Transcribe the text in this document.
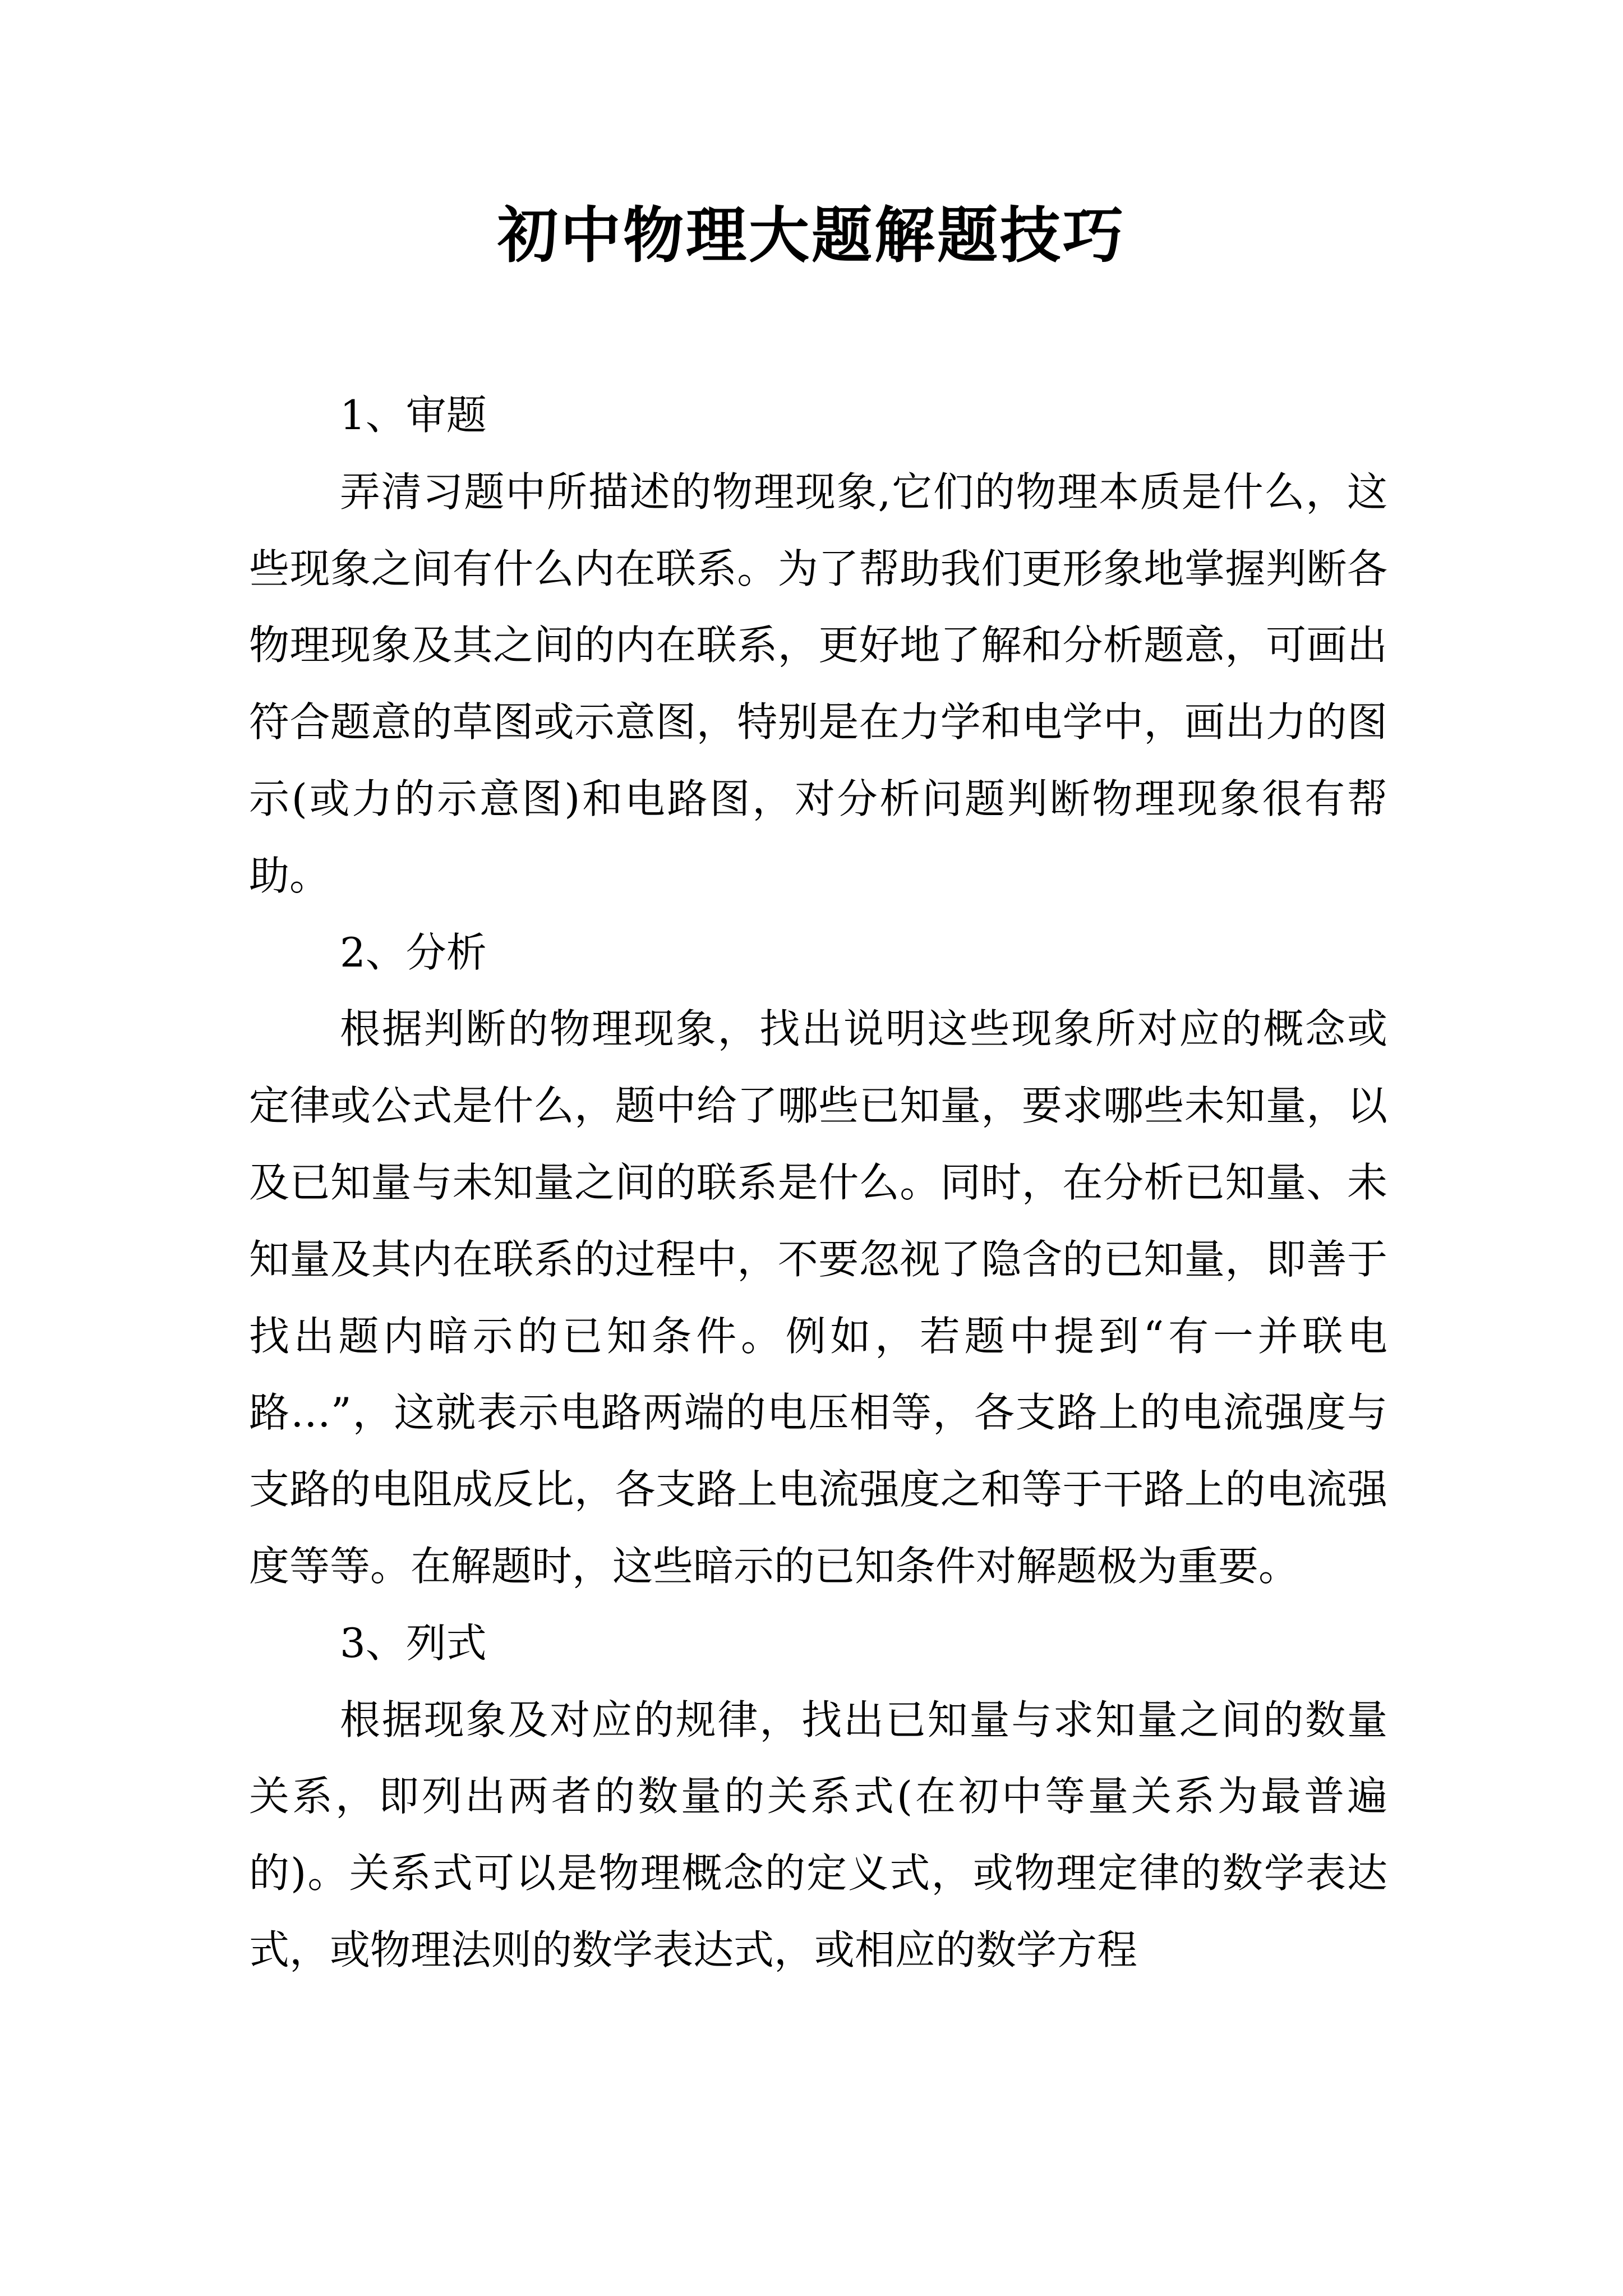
初中物理大题解题技巧

1、审题

弄清习题中所描述的物理现象,它们的物理本质是什么，这些现象之间有什么内在联系。为了帮助我们更形象地掌握判断各物理现象及其之间的内在联系，更好地了解和分析题意，可画出符合题意的草图或示意图，特别是在力学和电学中，画出力的图示(或力的示意图)和电路图，对分析问题判断物理现象很有帮助。

2、分析

根据判断的物理现象，找出说明这些现象所对应的概念或定律或公式是什么，题中给了哪些已知量，要求哪些未知量，以及已知量与未知量之间的联系是什么。同时，在分析已知量、未知量及其内在联系的过程中，不要忽视了隐含的已知量，即善于找出题内暗示的已知条件。例如，若题中提到“有一并联电路…”，这就表示电路两端的电压相等，各支路上的电流强度与支路的电阻成反比，各支路上电流强度之和等于干路上的电流强度等等。在解题时，这些暗示的已知条件对解题极为重要。

3、列式

根据现象及对应的规律，找出已知量与求知量之间的数量关系，即列出两者的数量的关系式(在初中等量关系为最普遍的)。关系式可以是物理概念的定义式，或物理定律的数学表达式，或物理法则的数学表达式，或相应的数学方程
